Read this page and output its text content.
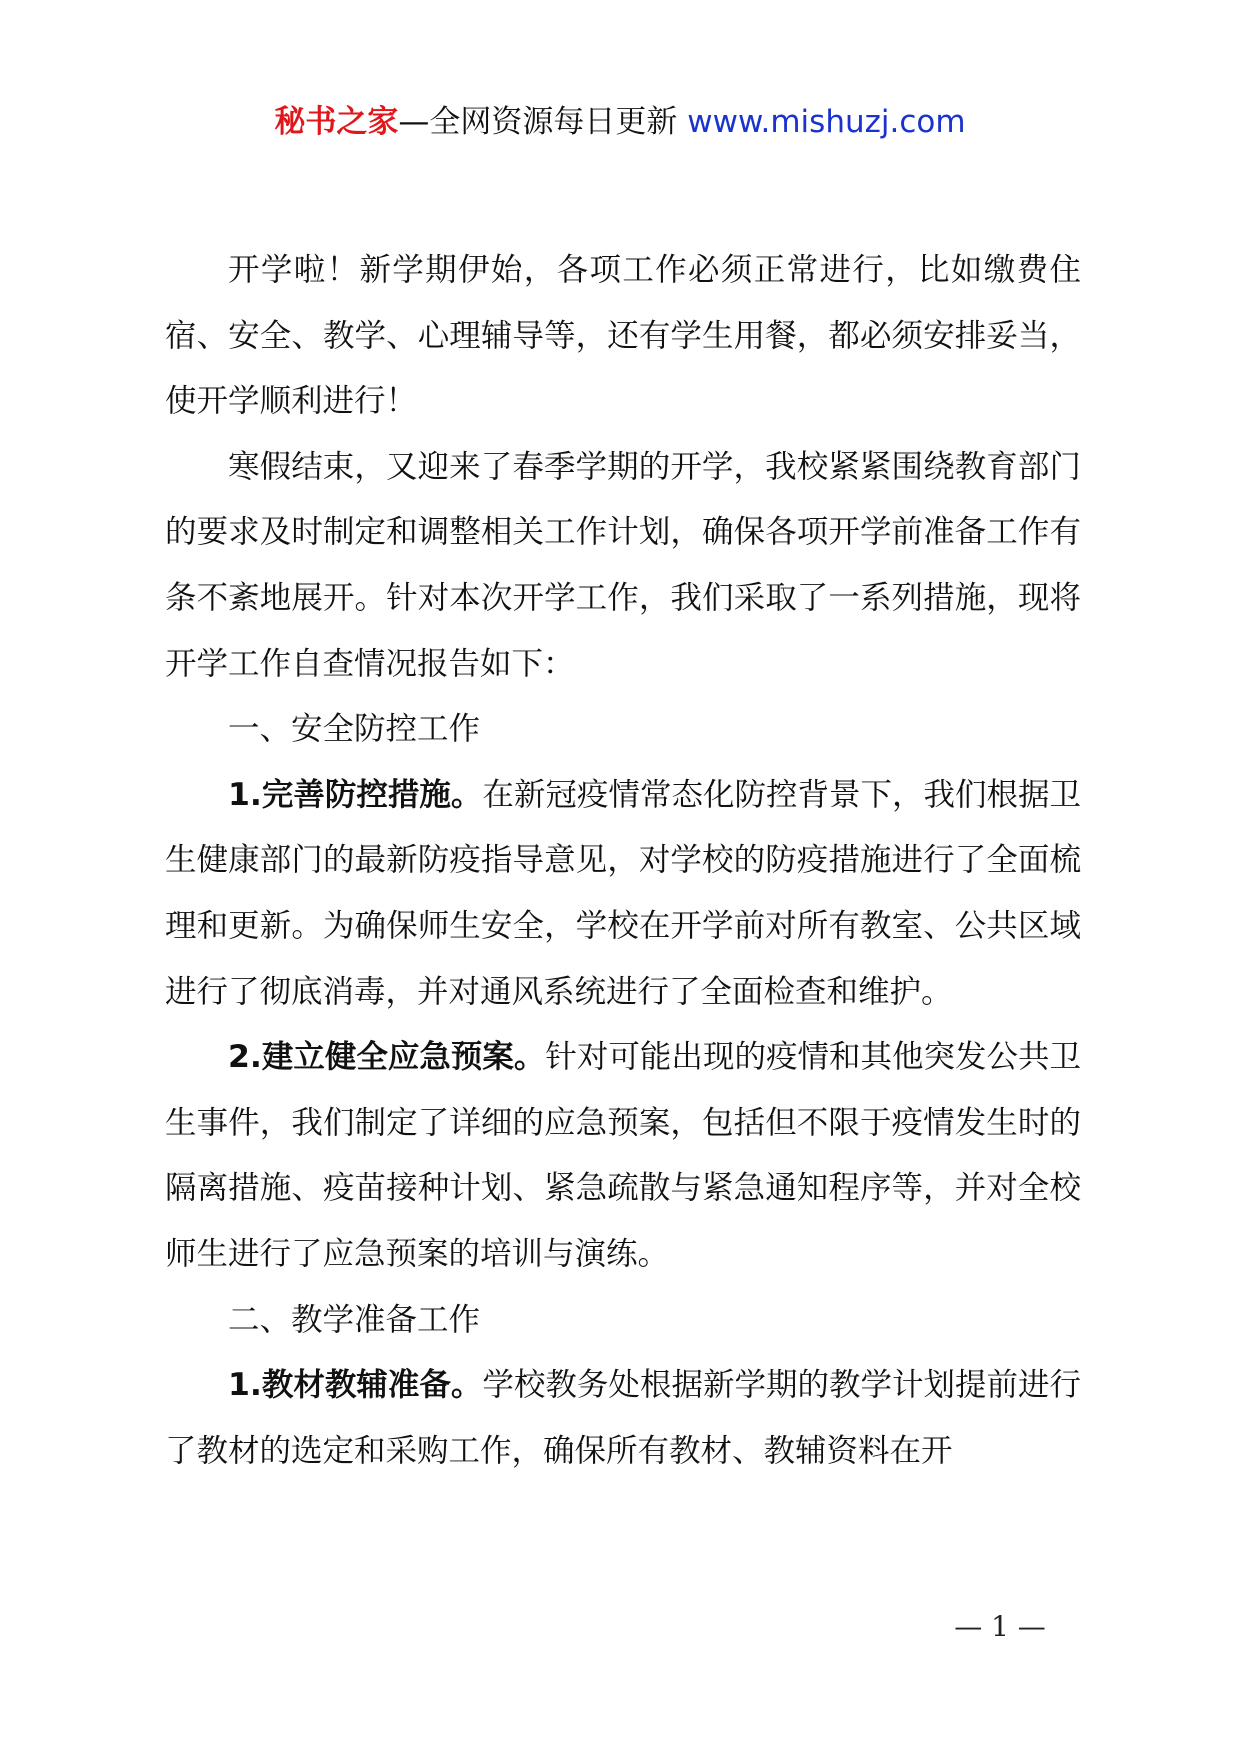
秘书之家—全网资源每日更新 www.mishuzj.com

开学啦！新学期伊始，各项工作必须正常进行，比如缴费住宿、安全、教学、心理辅导等，还有学生用餐，都必须安排妥当，使开学顺利进行！

寒假结束，又迎来了春季学期的开学，我校紧紧围绕教育部门的要求及时制定和调整相关工作计划，确保各项开学前准备工作有条不紊地展开。针对本次开学工作，我们采取了一系列措施，现将开学工作自查情况报告如下：

一、安全防控工作

1.完善防控措施。在新冠疫情常态化防控背景下，我们根据卫生健康部门的最新防疫指导意见，对学校的防疫措施进行了全面梳理和更新。为确保师生安全，学校在开学前对所有教室、公共区域进行了彻底消毒，并对通风系统进行了全面检查和维护。

2.建立健全应急预案。针对可能出现的疫情和其他突发公共卫生事件，我们制定了详细的应急预案，包括但不限于疫情发生时的隔离措施、疫苗接种计划、紧急疏散与紧急通知程序等，并对全校师生进行了应急预案的培训与演练。

二、教学准备工作

1.教材教辅准备。学校教务处根据新学期的教学计划提前进行了教材的选定和采购工作，确保所有教材、教辅资料在开

— 1 —
